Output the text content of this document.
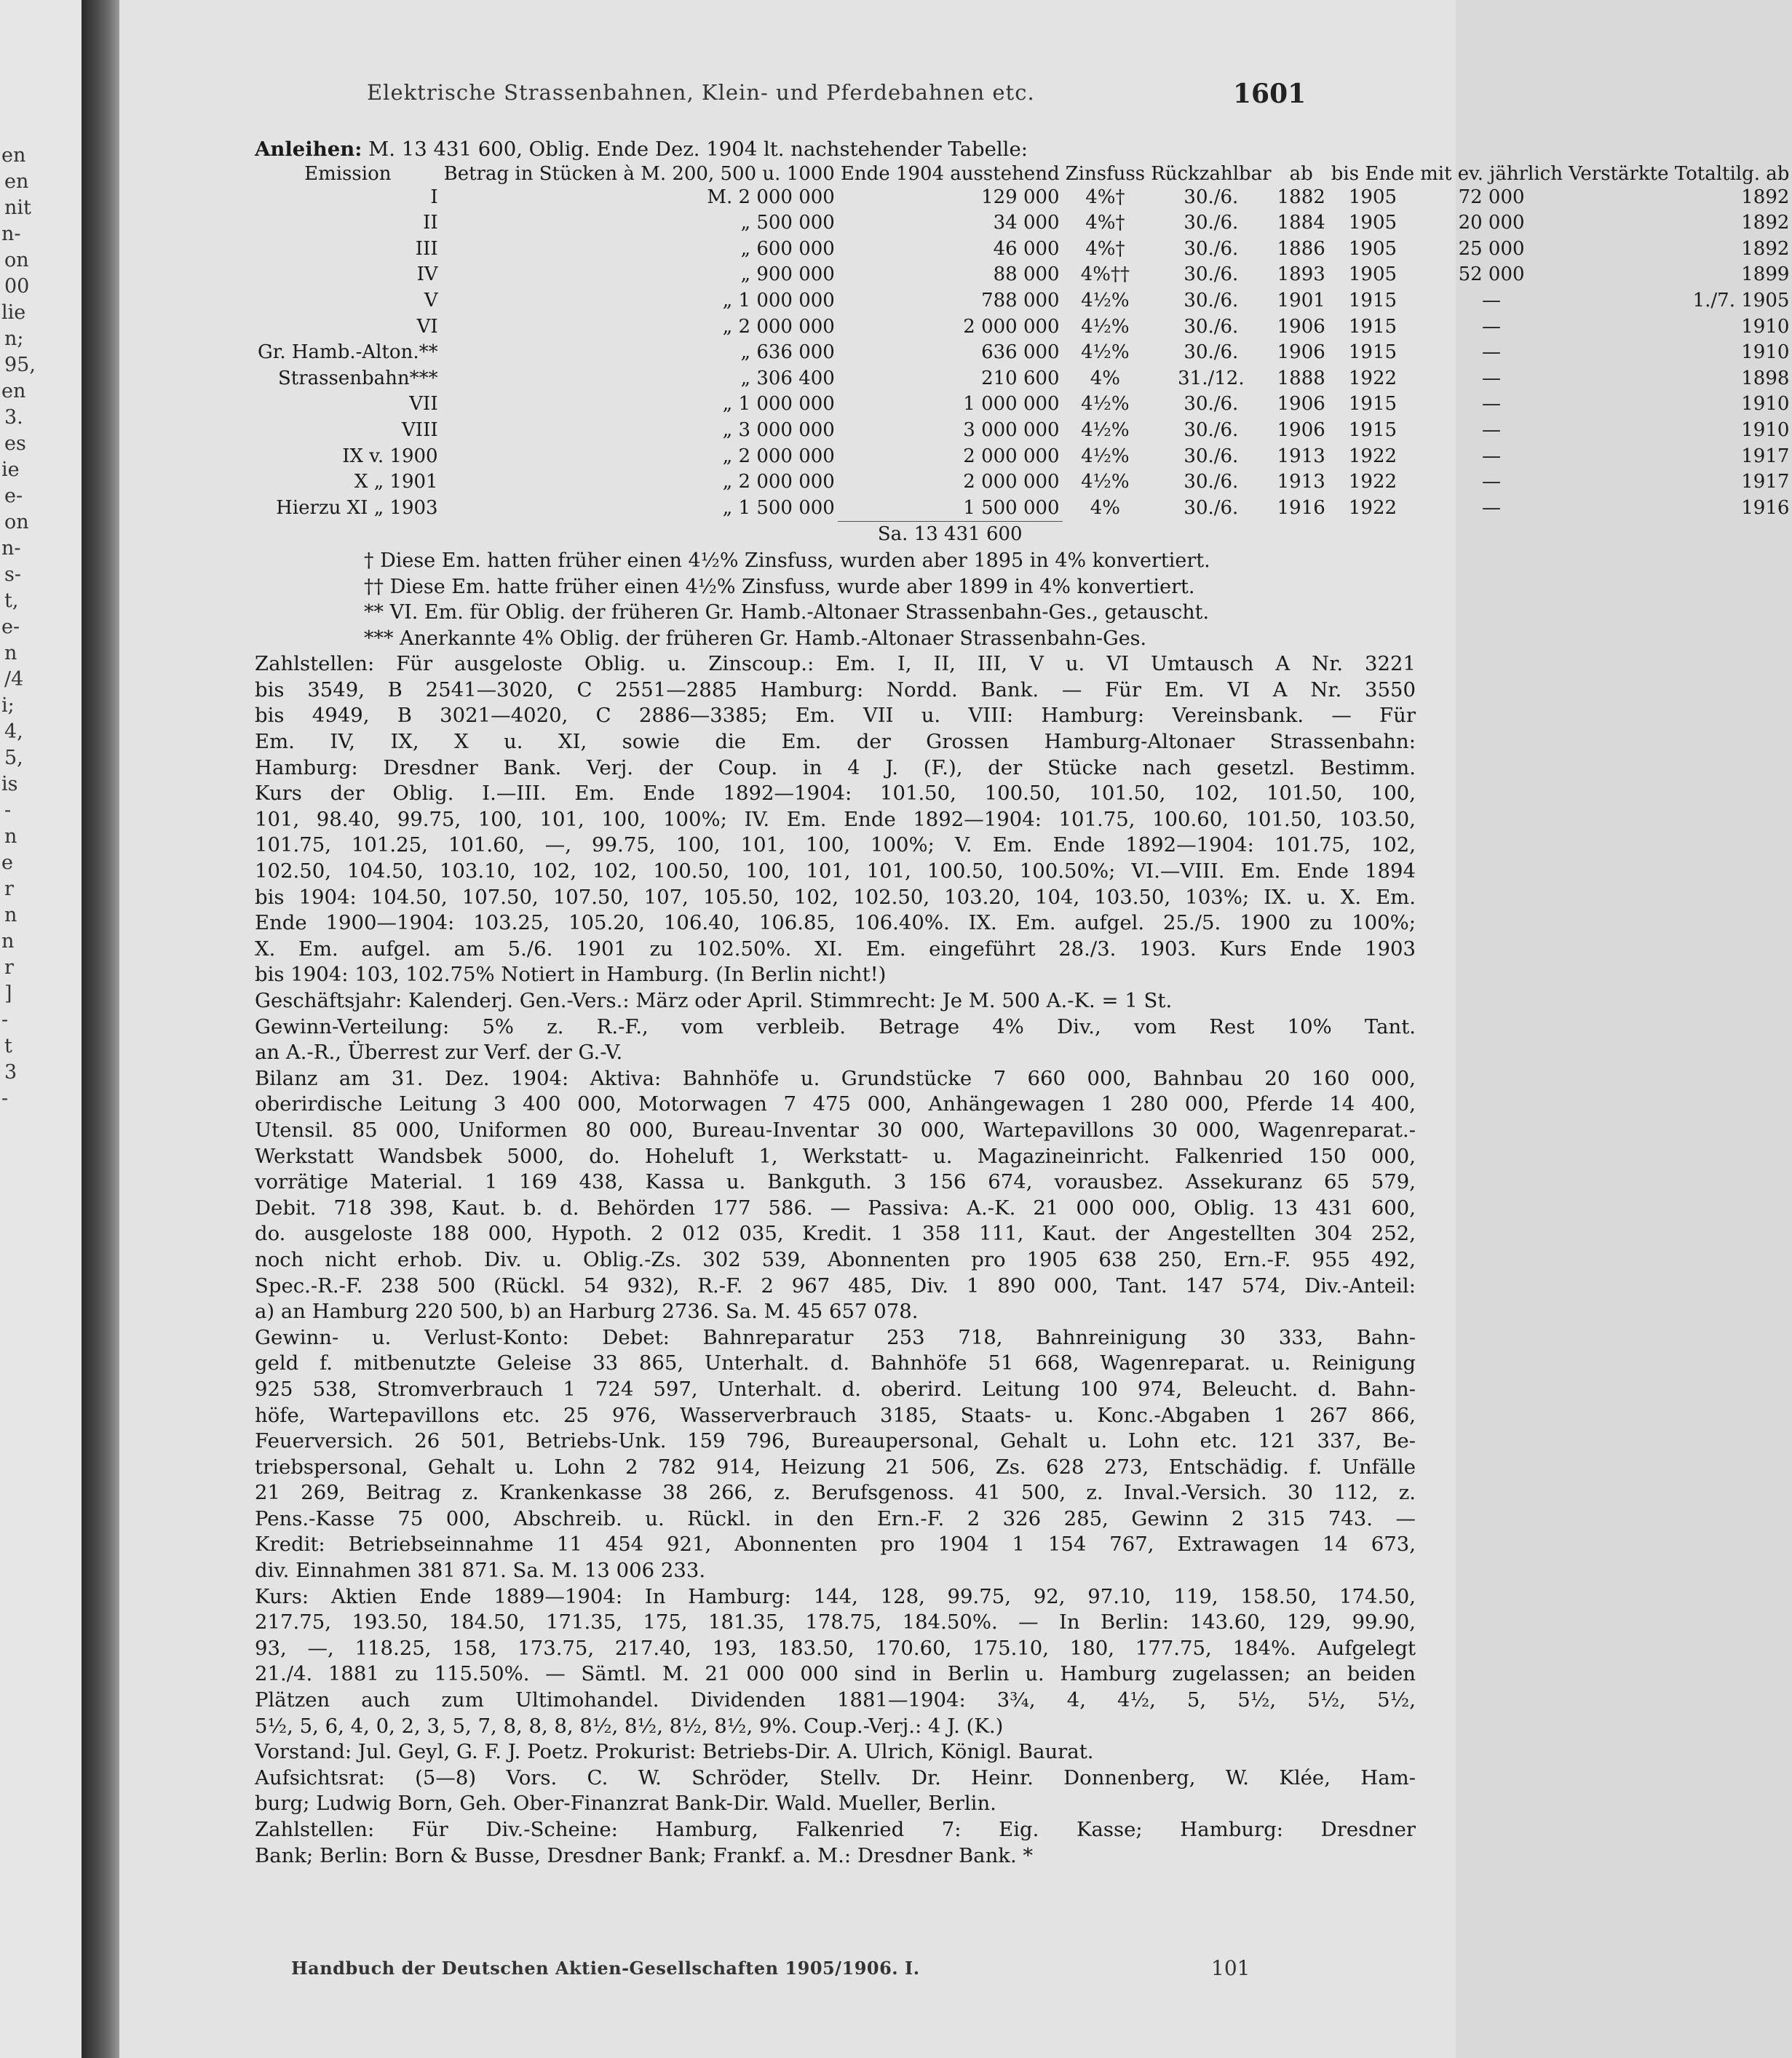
en
en
nit
n-
on
00
lie
n;
95,
en
3.
es
ie
e-
on
n-
s-
t,
e-
n
/4
i;
4,
5,
is
-
n
e
r
n
n
r
]
-
t
3
-
Elektrische Strassenbahnen, Klein- und Pferdebahnen etc.	1601
Anleihen: M. 13 431 600, Oblig. Ende Dez. 1904 lt. nachstehender Tabelle:
Emission	Betrag in Stücken à M. 200, 500 u. 1000	Ende 1904 ausstehend	Zinsfuss	Rückzahlbar	ab	bis Ende	mit ev. jährlich	Verstärkte Totaltilg. ab
I	M. 2 000 000	129 000	4%†	30./6.	1882	1905	72 000	1892
II	„ 500 000	34 000	4%†	30./6.	1884	1905	20 000	1892
III	„ 600 000	46 000	4%†	30./6.	1886	1905	25 000	1892
IV	„ 900 000	88 000	4%††	30./6.	1893	1905	52 000	1899
V	„ 1 000 000	788 000	4½%	30./6.	1901	1915	—	1./7. 1905
VI	„ 2 000 000	2 000 000	4½%	30./6.	1906	1915	—	1910
Gr. Hamb.-Alton.**	„ 636 000	636 000	4½%	30./6.	1906	1915	—	1910
Strassenbahn***	„ 306 400	210 600	4%	31./12.	1888	1922	—	1898
VII	„ 1 000 000	1 000 000	4½%	30./6.	1906	1915	—	1910
VIII	„ 3 000 000	3 000 000	4½%	30./6.	1906	1915	—	1910
IX v. 1900	„ 2 000 000	2 000 000	4½%	30./6.	1913	1922	—	1917
X „ 1901	„ 2 000 000	2 000 000	4½%	30./6.	1913	1922	—	1917
Hierzu XI „ 1903	„ 1 500 000	1 500 000	4%	30./6.	1916	1922	—	1916
		Sa. 13 431 600						
† Diese Em. hatten früher einen 4½% Zinsfuss, wurden aber 1895 in 4% konvertiert.
†† Diese Em. hatte früher einen 4½% Zinsfuss, wurde aber 1899 in 4% konvertiert.
** VI. Em. für Oblig. der früheren Gr. Hamb.-Altonaer Strassenbahn-Ges., getauscht.
*** Anerkannte 4% Oblig. der früheren Gr. Hamb.-Altonaer Strassenbahn-Ges.
Zahlstellen: Für ausgeloste Oblig. u. Zinscoup.: Em. I, II, III, V u. VI Umtausch A Nr. 3221
bis 3549, B 2541—3020, C 2551—2885 Hamburg: Nordd. Bank. — Für Em. VI A Nr. 3550
bis 4949, B 3021—4020, C 2886—3385; Em. VII u. VIII: Hamburg: Vereinsbank. — Für
Em. IV, IX, X u. XI, sowie die Em. der Grossen Hamburg-Altonaer Strassenbahn:
Hamburg: Dresdner Bank. Verj. der Coup. in 4 J. (F.), der Stücke nach gesetzl. Bestimm.
Kurs der Oblig. I.—III. Em. Ende 1892—1904: 101.50, 100.50, 101.50, 102, 101.50, 100,
101, 98.40, 99.75, 100, 101, 100, 100%; IV. Em. Ende 1892—1904: 101.75, 100.60, 101.50, 103.50,
101.75, 101.25, 101.60, —, 99.75, 100, 101, 100, 100%; V. Em. Ende 1892—1904: 101.75, 102,
102.50, 104.50, 103.10, 102, 102, 100.50, 100, 101, 101, 100.50, 100.50%; VI.—VIII. Em. Ende 1894
bis 1904: 104.50, 107.50, 107.50, 107, 105.50, 102, 102.50, 103.20, 104, 103.50, 103%; IX. u. X. Em.
Ende 1900—1904: 103.25, 105.20, 106.40, 106.85, 106.40%. IX. Em. aufgel. 25./5. 1900 zu 100%;
X. Em. aufgel. am 5./6. 1901 zu 102.50%. XI. Em. eingeführt 28./3. 1903. Kurs Ende 1903
bis 1904: 103, 102.75% Notiert in Hamburg. (In Berlin nicht!)
Geschäftsjahr: Kalenderj. Gen.-Vers.: März oder April. Stimmrecht: Je M. 500 A.-K. = 1 St.
Gewinn-Verteilung: 5% z. R.-F., vom verbleib. Betrage 4% Div., vom Rest 10% Tant.
an A.-R., Überrest zur Verf. der G.-V.
Bilanz am 31. Dez. 1904: Aktiva: Bahnhöfe u. Grundstücke 7 660 000, Bahnbau 20 160 000,
oberirdische Leitung 3 400 000, Motorwagen 7 475 000, Anhängewagen 1 280 000, Pferde 14 400,
Utensil. 85 000, Uniformen 80 000, Bureau-Inventar 30 000, Wartepavillons 30 000, Wagenreparat.-
Werkstatt Wandsbek 5000, do. Hoheluft 1, Werkstatt- u. Magazineinricht. Falkenried 150 000,
vorrätige Material. 1 169 438, Kassa u. Bankguth. 3 156 674, vorausbez. Assekuranz 65 579,
Debit. 718 398, Kaut. b. d. Behörden 177 586. — Passiva: A.-K. 21 000 000, Oblig. 13 431 600,
do. ausgeloste 188 000, Hypoth. 2 012 035, Kredit. 1 358 111, Kaut. der Angestellten 304 252,
noch nicht erhob. Div. u. Oblig.-Zs. 302 539, Abonnenten pro 1905 638 250, Ern.-F. 955 492,
Spec.-R.-F. 238 500 (Rückl. 54 932), R.-F. 2 967 485, Div. 1 890 000, Tant. 147 574, Div.-Anteil:
a) an Hamburg 220 500, b) an Harburg 2736. Sa. M. 45 657 078.
Gewinn- u. Verlust-Konto: Debet: Bahnreparatur 253 718, Bahnreinigung 30 333, Bahn-
geld f. mitbenutzte Geleise 33 865, Unterhalt. d. Bahnhöfe 51 668, Wagenreparat. u. Reinigung
925 538, Stromverbrauch 1 724 597, Unterhalt. d. oberird. Leitung 100 974, Beleucht. d. Bahn-
höfe, Wartepavillons etc. 25 976, Wasserverbrauch 3185, Staats- u. Konc.-Abgaben 1 267 866,
Feuerversich. 26 501, Betriebs-Unk. 159 796, Bureaupersonal, Gehalt u. Lohn etc. 121 337, Be-
triebspersonal, Gehalt u. Lohn 2 782 914, Heizung 21 506, Zs. 628 273, Entschädig. f. Unfälle
21 269, Beitrag z. Krankenkasse 38 266, z. Berufsgenoss. 41 500, z. Inval.-Versich. 30 112, z.
Pens.-Kasse 75 000, Abschreib. u. Rückl. in den Ern.-F. 2 326 285, Gewinn 2 315 743. —
Kredit: Betriebseinnahme 11 454 921, Abonnenten pro 1904 1 154 767, Extrawagen 14 673,
div. Einnahmen 381 871. Sa. M. 13 006 233.
Kurs: Aktien Ende 1889—1904: In Hamburg: 144, 128, 99.75, 92, 97.10, 119, 158.50, 174.50,
217.75, 193.50, 184.50, 171.35, 175, 181.35, 178.75, 184.50%. — In Berlin: 143.60, 129, 99.90,
93, —, 118.25, 158, 173.75, 217.40, 193, 183.50, 170.60, 175.10, 180, 177.75, 184%. Aufgelegt
21./4. 1881 zu 115.50%. — Sämtl. M. 21 000 000 sind in Berlin u. Hamburg zugelassen; an beiden
Plätzen auch zum Ultimohandel. Dividenden 1881—1904: 3¾, 4, 4½, 5, 5½, 5½, 5½,
5½, 5, 6, 4, 0, 2, 3, 5, 7, 8, 8, 8, 8½, 8½, 8½, 8½, 9%. Coup.-Verj.: 4 J. (K.)
Vorstand: Jul. Geyl, G. F. J. Poetz. Prokurist: Betriebs-Dir. A. Ulrich, Königl. Baurat.
Aufsichtsrat: (5—8) Vors. C. W. Schröder, Stellv. Dr. Heinr. Donnenberg, W. Klée, Ham-
burg; Ludwig Born, Geh. Ober-Finanzrat Bank-Dir. Wald. Mueller, Berlin.
Zahlstellen: Für Div.-Scheine: Hamburg, Falkenried 7: Eig. Kasse; Hamburg: Dresdner
Bank; Berlin: Born & Busse, Dresdner Bank; Frankf. a. M.: Dresdner Bank. *
Handbuch der Deutschen Aktien-Gesellschaften 1905/1906. I.	101
